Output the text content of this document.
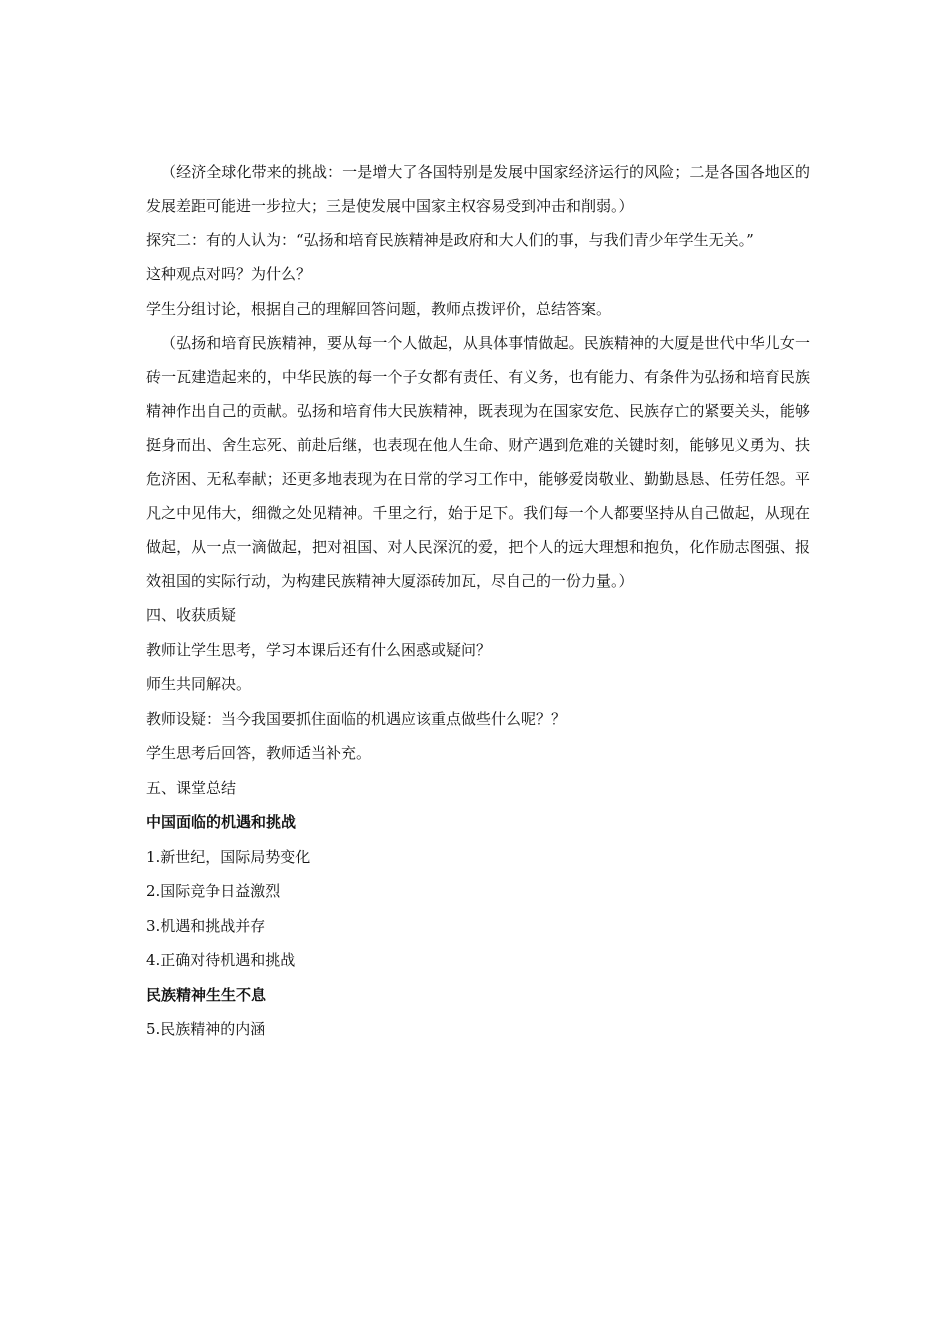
（经济全球化带来的挑战：一是增大了各国特别是发展中国家经济运行的风险；二是各国各地区的发展差距可能进一步拉大；三是使发展中国家主权容易受到冲击和削弱。）

探究二：有的人认为：“弘扬和培育民族精神是政府和大人们的事，与我们青少年学生无关。”

这种观点对吗？为什么？

学生分组讨论，根据自己的理解回答问题，教师点拨评价，总结答案。

（弘扬和培育民族精神，要从每一个人做起，从具体事情做起。民族精神的大厦是世代中华儿女一砖一瓦建造起来的，中华民族的每一个子女都有责任、有义务，也有能力、有条件为弘扬和培育民族精神作出自己的贡献。弘扬和培育伟大民族精神，既表现为在国家安危、民族存亡的紧要关头，能够挺身而出、舍生忘死、前赴后继，也表现在他人生命、财产遇到危难的关键时刻，能够见义勇为、扶危济困、无私奉献；还更多地表现为在日常的学习工作中，能够爱岗敬业、勤勤恳恳、任劳任怨。平凡之中见伟大，细微之处见精神。千里之行，始于足下。我们每一个人都要坚持从自己做起，从现在做起，从一点一滴做起，把对祖国、对人民深沉的爱，把个人的远大理想和抱负，化作励志图强、报效祖国的实际行动，为构建民族精神大厦添砖加瓦，尽自己的一份力量。）

四、收获质疑

教师让学生思考，学习本课后还有什么困惑或疑问？

师生共同解决。

教师设疑：当今我国要抓住面临的机遇应该重点做些什么呢？？

学生思考后回答，教师适当补充。

五、课堂总结

中国面临的机遇和挑战

1.新世纪，国际局势变化

2.国际竞争日益激烈

3.机遇和挑战并存

4.正确对待机遇和挑战

民族精神生生不息

5.民族精神的内涵
